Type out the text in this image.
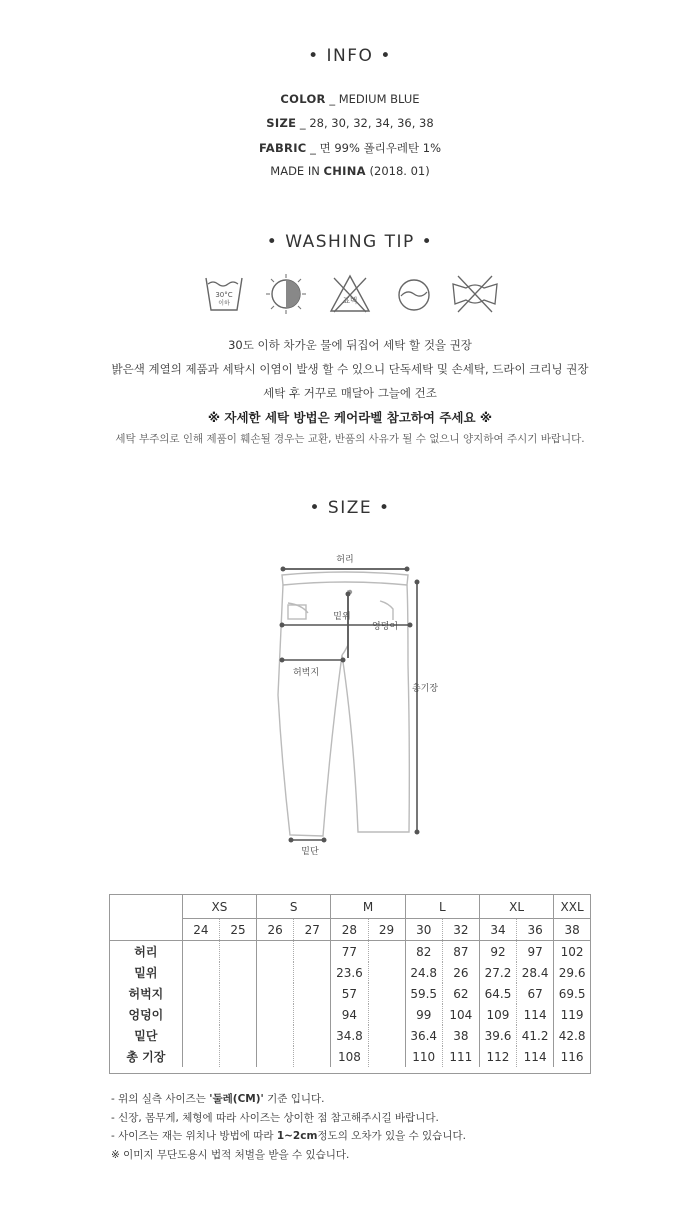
• INFO •
COLOR _ MEDIUM BLUE
SIZE _ 28, 30, 32, 34, 36, 38
FABRIC _ 면 99% 폴리우레탄 1%
MADE IN CHINA (2018. 01)
• WASHING TIP •
30°C
이하	표백
30도 이하 차가운 물에 뒤집어 세탁 할 것을 권장
밝은색 계열의 제품과 세탁시 이염이 발생 할 수 있으니 단독세탁 및 손세탁, 드라이 크리닝 권장
세탁 후 거꾸로 매달아 그늘에 건조
※ 자세한 세탁 방법은 케어라벨 참고하여 주세요 ※
세탁 부주의로 인해 제품이 훼손될 경우는 교환, 반품의 사유가 될 수 없으니 양지하여 주시기 바랍니다.
• SIZE •
허리
밑위
엉덩이
허벅지
총기장
밑단
	XS		S		M		L		XL		XXL
	24	25	26	27	28	29	30	32	34	36	38
허리					77		82	87	92	97	102
밑위					23.6		24.8	26	27.2	28.4	29.6
허벅지					57		59.5	62	64.5	67	69.5
엉덩이					94		99	104	109	114	119
밑단					34.8		36.4	38	39.6	41.2	42.8
총 기장					108		110	111	112	114	116
- 위의 실측 사이즈는 '둘레(CM)' 기준 입니다.
- 신장, 몸무게, 체형에 따라 사이즈는 상이한 점 참고해주시길 바랍니다.
- 사이즈는 재는 위치나 방법에 따라 1~2cm정도의 오차가 있을 수 있습니다.
※ 이미지 무단도용시 법적 처벌을 받을 수 있습니다.
